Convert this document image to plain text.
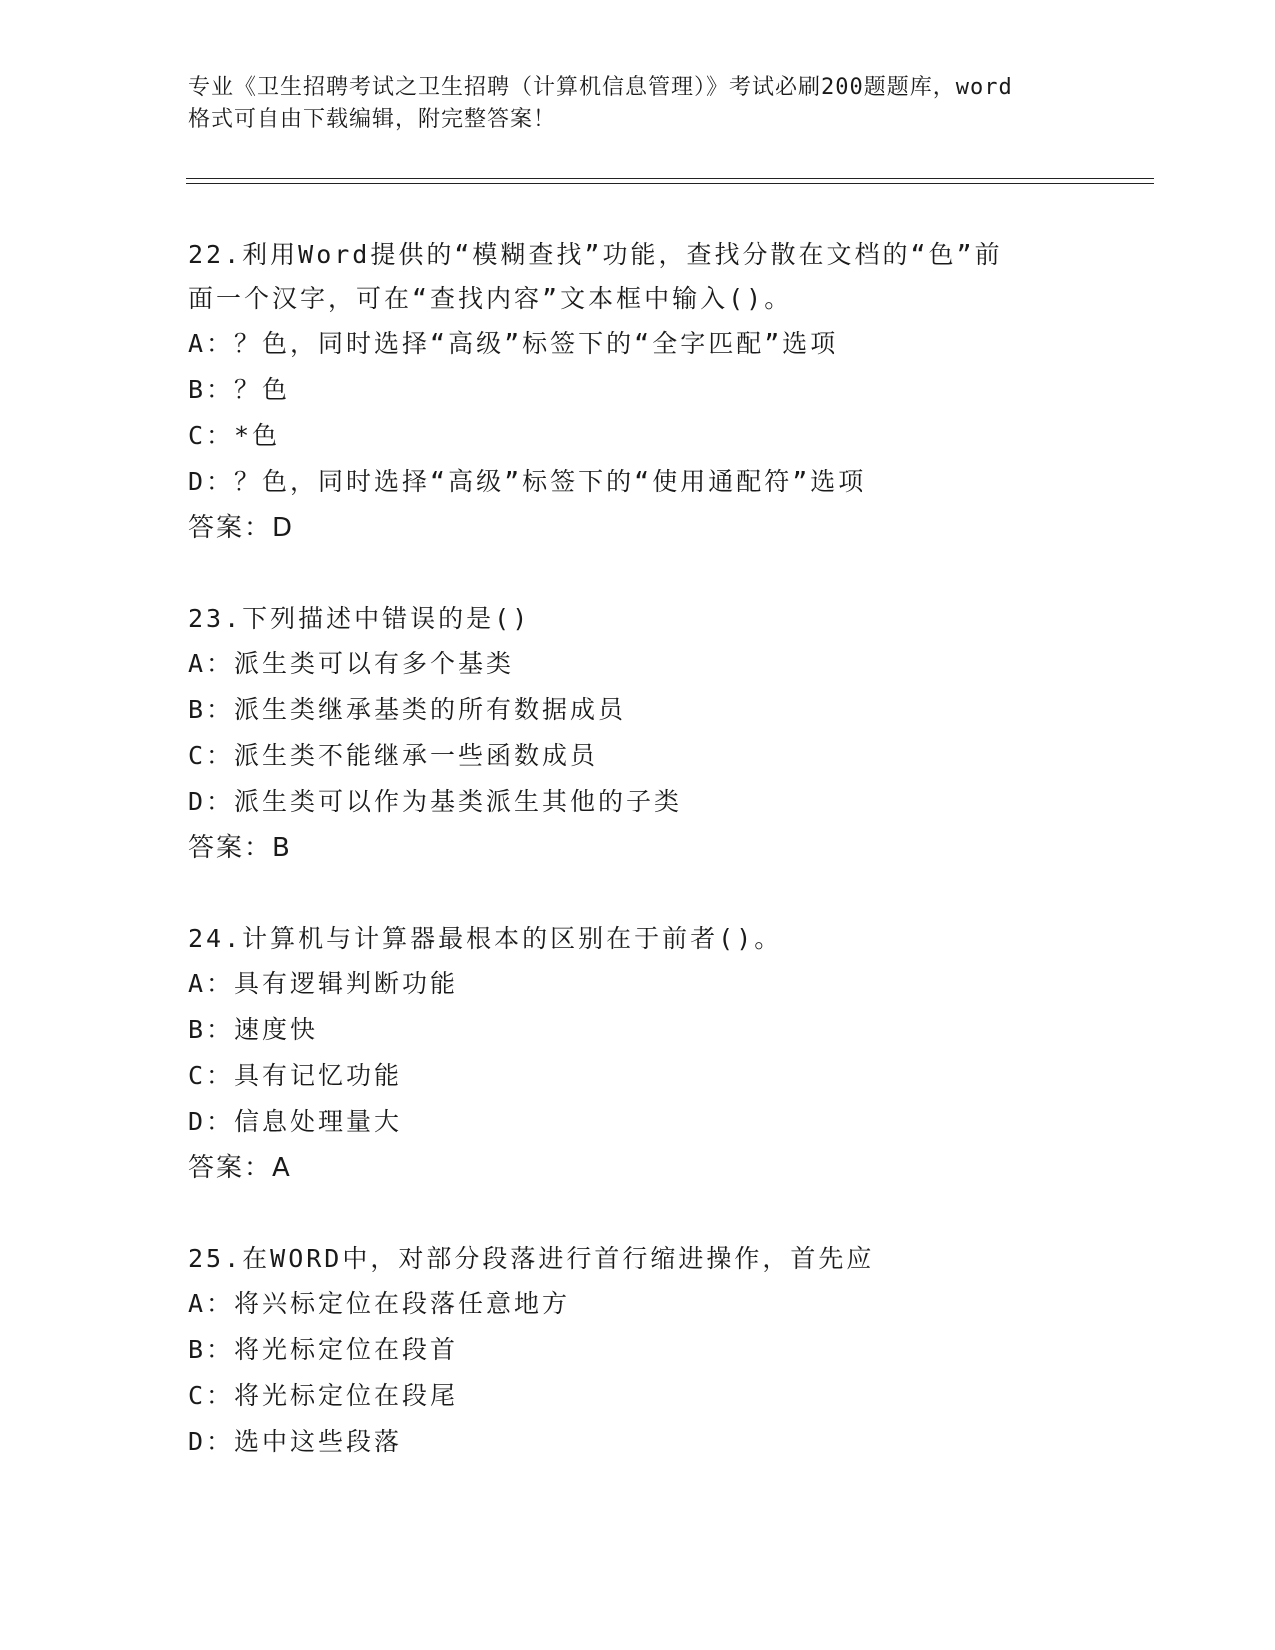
专业《卫生招聘考试之卫生招聘（计算机信息管理）》考试必刷200题题库，word
格式可自由下载编辑，附完整答案！
22.利用Word提供的“模糊查找”功能，查找分散在文档的“色”前
面一个汉字，可在“查找内容”文本框中输入()。
A：？色，同时选择“高级”标签下的“全字匹配”选项
B：？色
C：*色
D：？色，同时选择“高级”标签下的“使用通配符”选项
答案：D
23.下列描述中错误的是()
A：派生类可以有多个基类
B：派生类继承基类的所有数据成员
C：派生类不能继承一些函数成员
D：派生类可以作为基类派生其他的子类
答案：B
24.计算机与计算器最根本的区别在于前者()。
A：具有逻辑判断功能
B：速度快
C：具有记忆功能
D：信息处理量大
答案：A
25.在WORD中，对部分段落进行首行缩进操作，首先应
A：将兴标定位在段落任意地方
B：将光标定位在段首
C：将光标定位在段尾
D：选中这些段落
